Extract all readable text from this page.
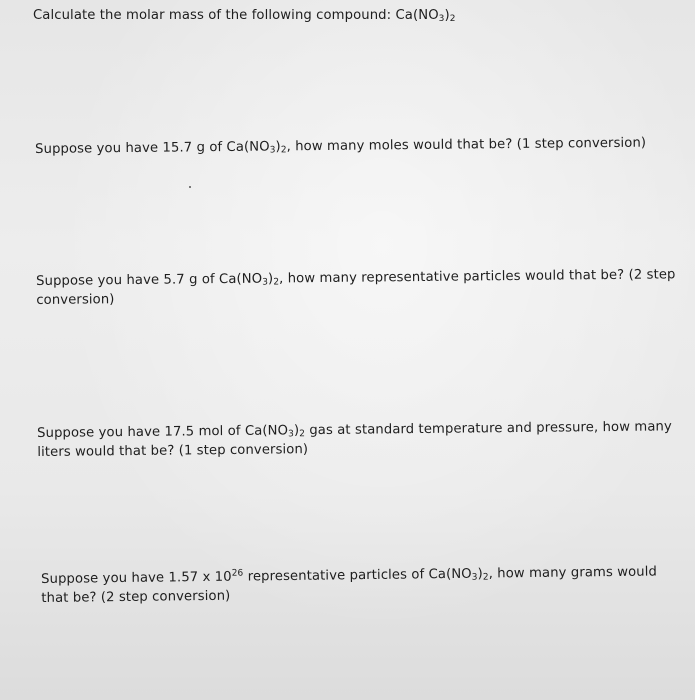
Calculate the molar mass of the following compound: $Ca(NO_3)_2$
Suppose you have 15.7 g of $Ca(NO_3)_2$, how many moles would that be? (1 step conversion)
Suppose you have 5.7 g of $Ca(NO_3)_2$, how many representative particles would that be? (2 step
conversion)
Suppose you have 17.5 mol of $Ca(NO_3)_2$ gas at standard temperature and pressure, how many
liters would that be? (1 step conversion)
Suppose you have 1.57 x $10^{26}$ representative particles of $Ca(NO_3)_2$, how many grams would
that be? (2 step conversion)
